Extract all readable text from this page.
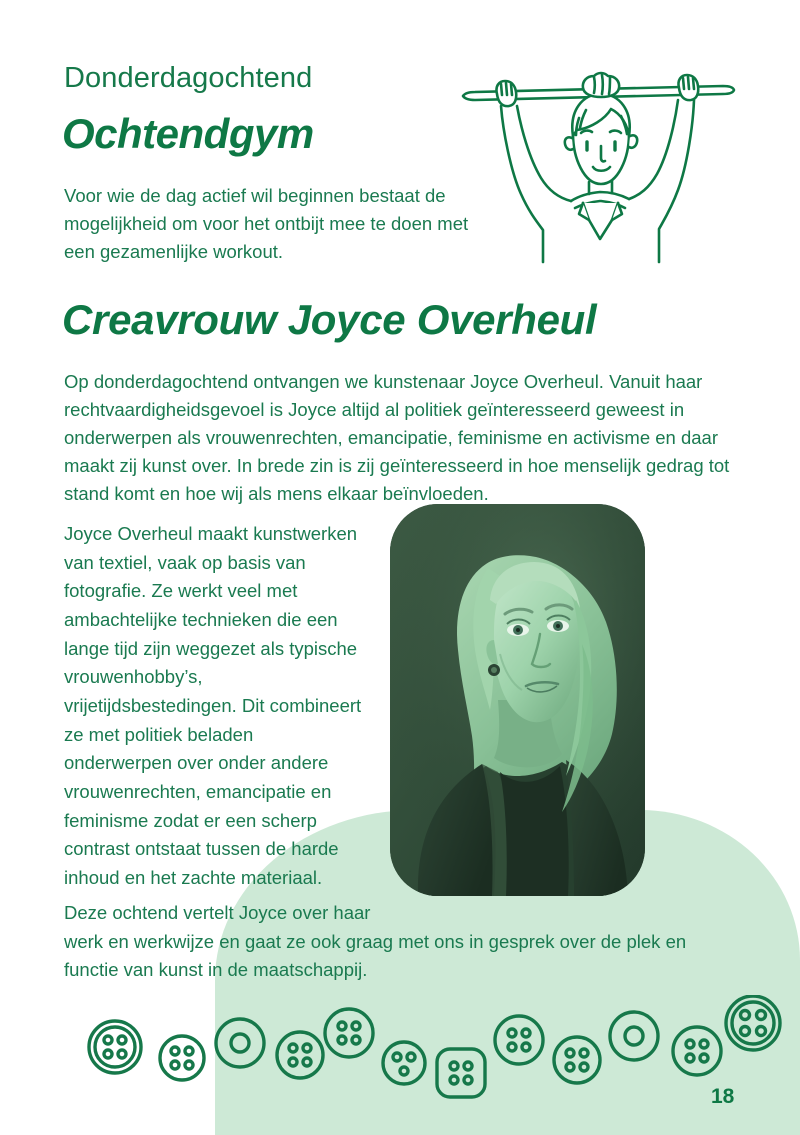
Donderdagochtend
Ochtendgym
Voor wie de dag actief wil beginnen bestaat de mogelijkheid om voor het ontbijt mee te doen met een gezamenlijke workout.
Creavrouw Joyce Overheul
Op donderdagochtend ontvangen we kunstenaar Joyce Overheul. Vanuit haar rechtvaardigheidsgevoel is Joyce altijd al politiek geïnteresseerd geweest in onderwerpen als vrouwenrechten, emancipatie, feminisme en activisme en daar maakt zij kunst over. In brede zin is zij geïnteresseerd in hoe menselijk gedrag tot stand komt en hoe wij als mens elkaar beïnvloeden.
Joyce Overheul maakt kunstwerken van textiel, vaak op basis van fotografie. Ze werkt veel met ambachtelijke technieken die een lange tijd zijn weggezet als typische vrouwenhobby’s, vrijetijdsbestedingen. Dit combineert ze met politiek beladen onderwerpen over onder andere vrouwenrechten, emancipatie en feminisme zodat er een scherp contrast ontstaat tussen de harde inhoud en het zachte materiaal.
Deze ochtend vertelt Joyce over haar
werk en werkwijze en gaat ze ook graag met ons in gesprek over de plek en
functie van kunst in de maatschappij.
18
